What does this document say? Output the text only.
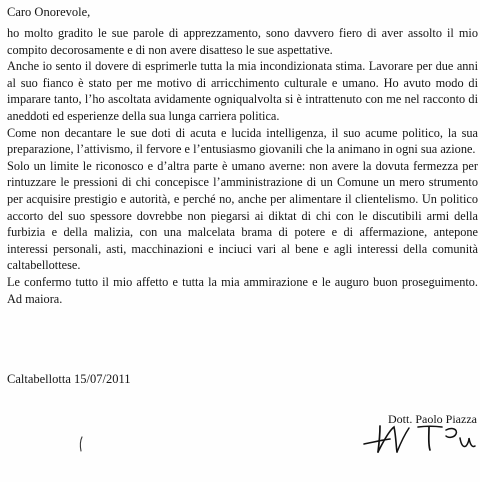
Caro Onorevole,

ho molto gradito le sue parole di apprezzamento, sono davvero fiero di aver assolto il mio compito decorosamente e di non avere disatteso le sue aspettative.

Anche io sento il dovere di esprimerle tutta la mia incondizionata stima. Lavorare per due anni al suo fianco è stato per me motivo di arricchimento culturale e umano. Ho avuto modo di imparare tanto, l’ho ascoltata avidamente ogniqualvolta si è intrattenuto con me nel racconto di aneddoti ed esperienze della sua lunga carriera politica.

Come non decantare le sue doti di acuta e lucida intelligenza, il suo acume politico, la sua preparazione, l’attivismo, il fervore e l’entusiasmo giovanili che la animano in ogni sua azione.

Solo un limite le riconosco e d’altra parte è umano averne: non avere la dovuta fermezza per rintuzzare le pressioni di chi concepisce l’amministrazione di un Comune un mero strumento per acquisire prestigio e autorità, e perché no, anche per alimentare il clientelismo. Un politico accorto del suo spessore dovrebbe non piegarsi ai diktat di chi con le discutibili armi della furbizia e della malizia, con una malcelata brama di potere e di affermazione, antepone interessi personali, asti, macchinazioni e inciuci vari al bene e agli interessi della comunità caltabellottese.

Le confermo tutto il mio affetto e tutta la mia ammirazione e le auguro buon proseguimento. Ad maiora.

Caltabellotta 15/07/2011

Dott. Paolo Piazza
